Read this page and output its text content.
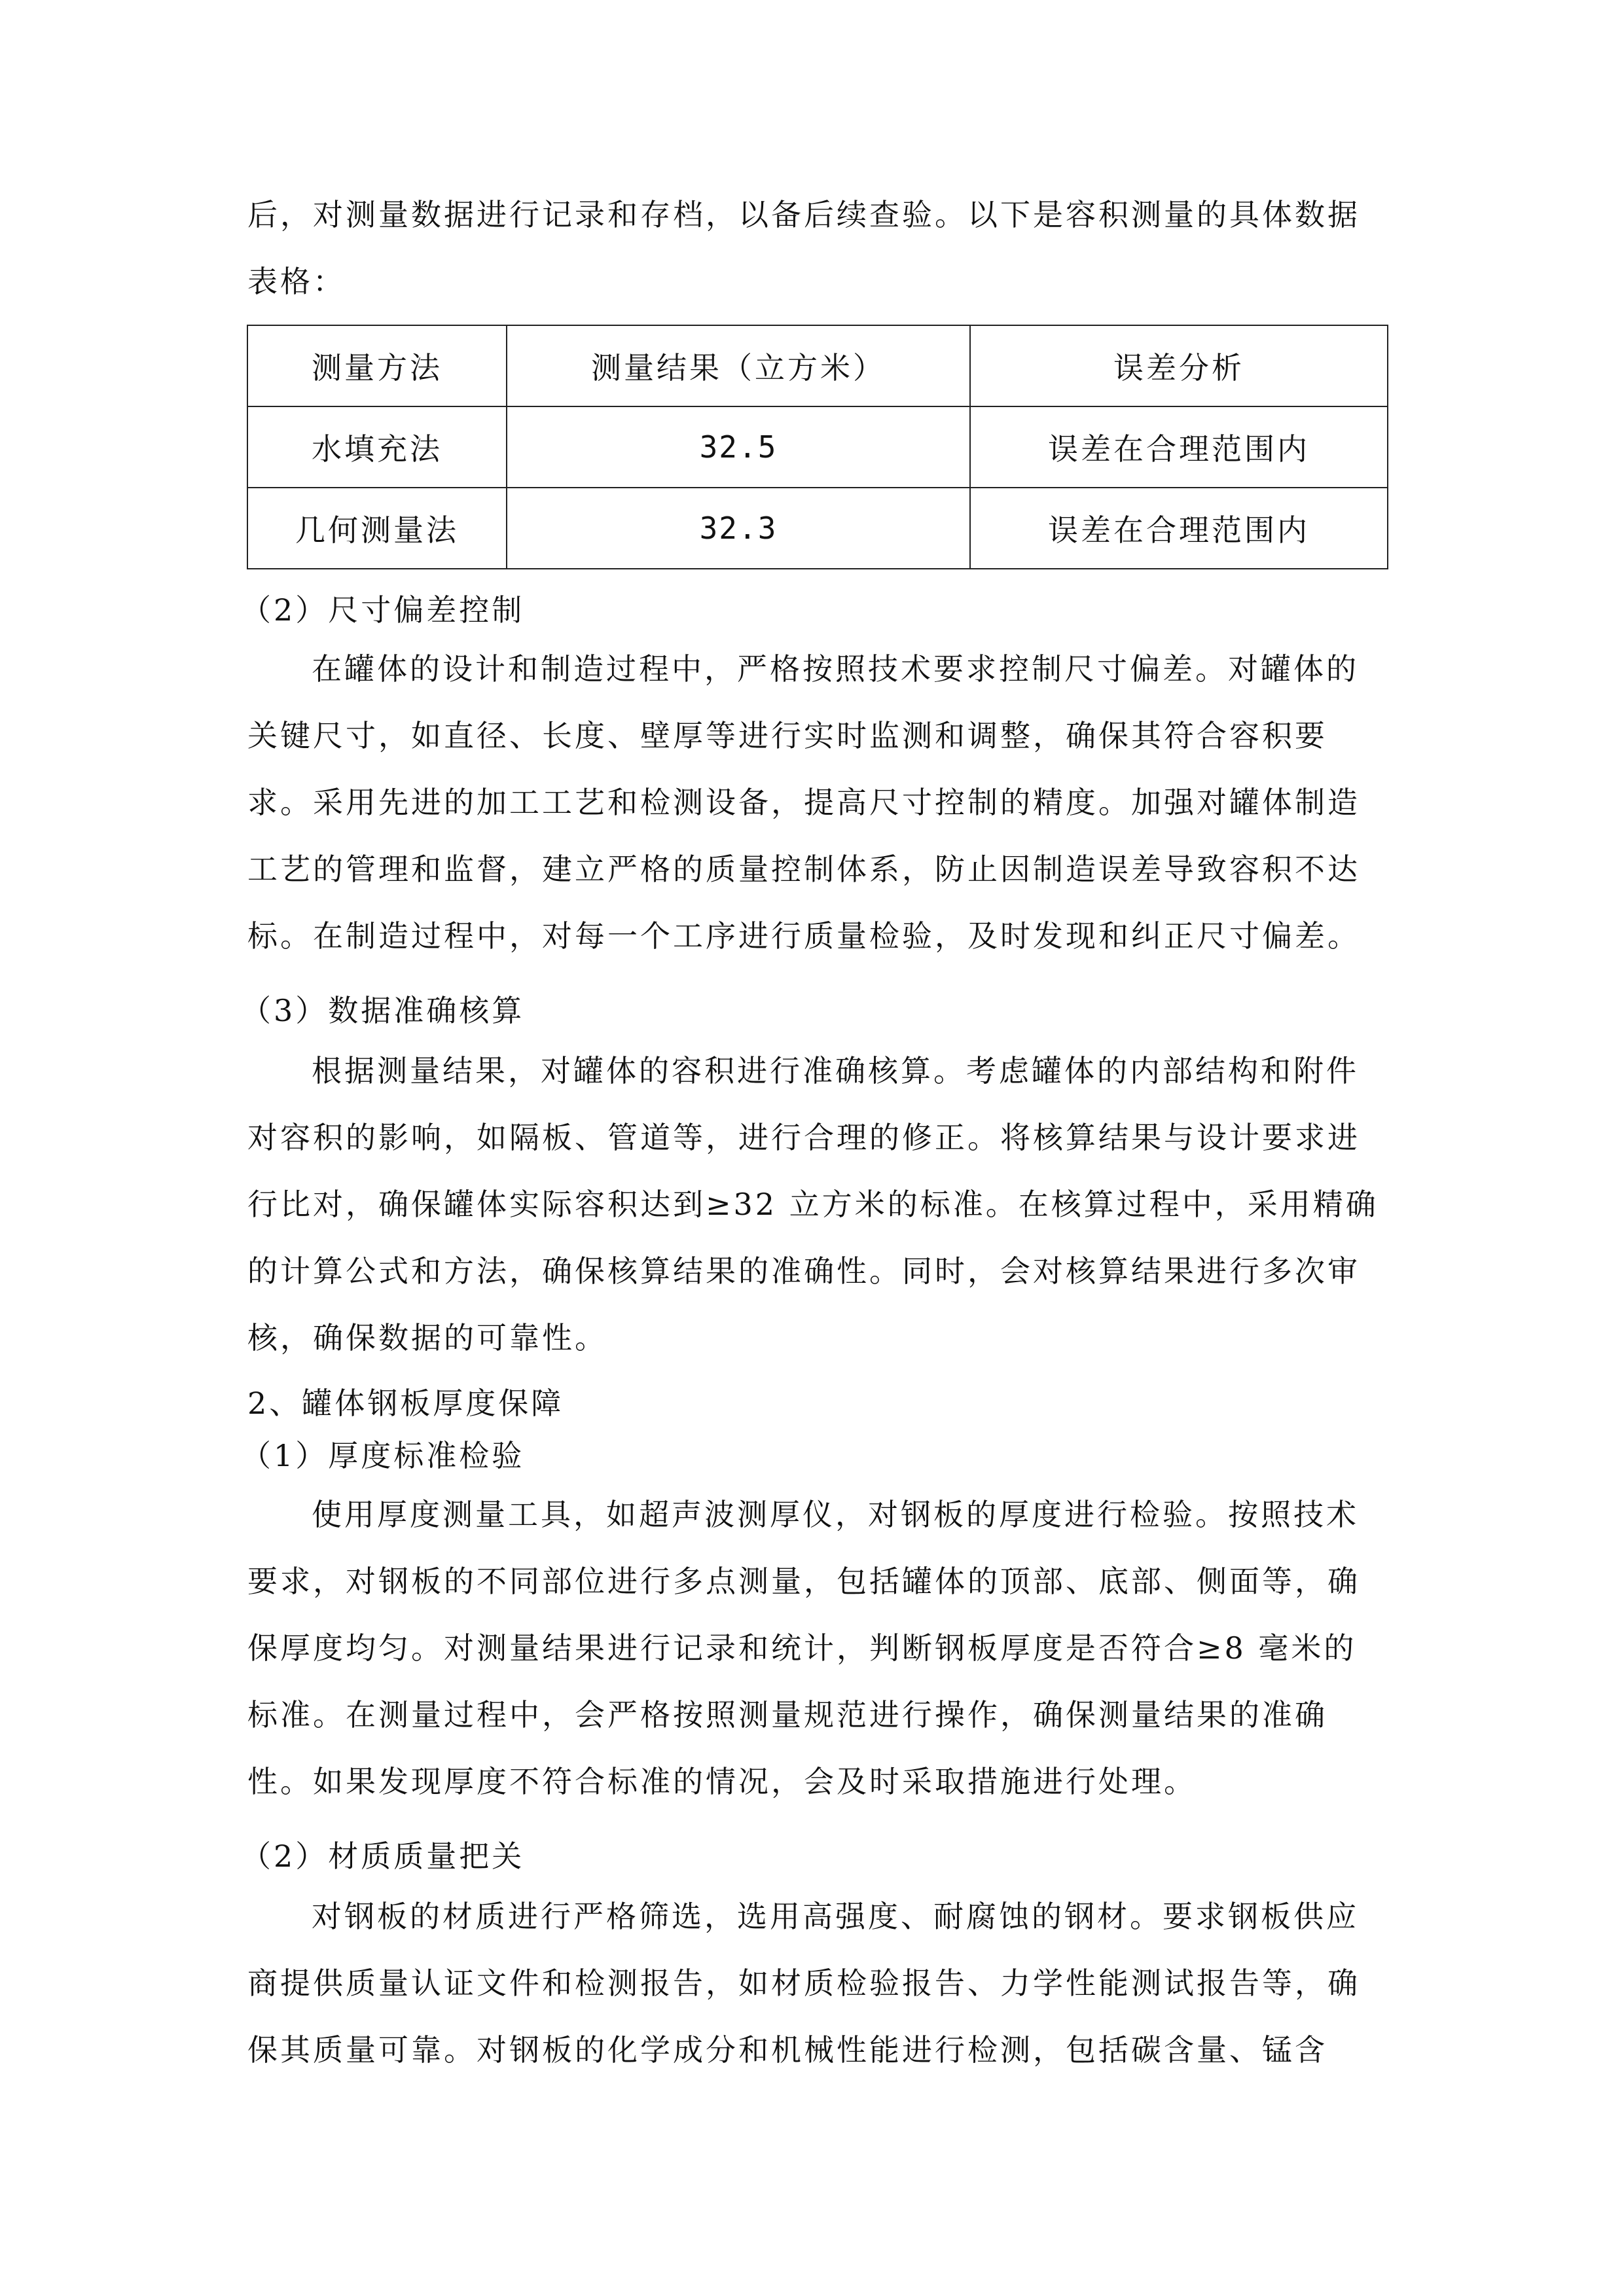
后，对测量数据进行记录和存档，以备后续查验。以下是容积测量的具体数据
表格：
测量方法	测量结果（立方米）	误差分析
水填充法	32.5	误差在合理范围内
几何测量法	32.3	误差在合理范围内
（2）尺寸偏差控制
在罐体的设计和制造过程中，严格按照技术要求控制尺寸偏差。对罐体的
关键尺寸，如直径、长度、壁厚等进行实时监测和调整，确保其符合容积要
求。采用先进的加工工艺和检测设备，提高尺寸控制的精度。加强对罐体制造
工艺的管理和监督，建立严格的质量控制体系，防止因制造误差导致容积不达
标。在制造过程中，对每一个工序进行质量检验，及时发现和纠正尺寸偏差。
（3）数据准确核算
根据测量结果，对罐体的容积进行准确核算。考虑罐体的内部结构和附件
对容积的影响，如隔板、管道等，进行合理的修正。将核算结果与设计要求进
行比对，确保罐体实际容积达到≥32 立方米的标准。在核算过程中，采用精确
的计算公式和方法，确保核算结果的准确性。同时，会对核算结果进行多次审
核，确保数据的可靠性。
2、罐体钢板厚度保障
（1）厚度标准检验
使用厚度测量工具，如超声波测厚仪，对钢板的厚度进行检验。按照技术
要求，对钢板的不同部位进行多点测量，包括罐体的顶部、底部、侧面等，确
保厚度均匀。对测量结果进行记录和统计，判断钢板厚度是否符合≥8 毫米的
标准。在测量过程中，会严格按照测量规范进行操作，确保测量结果的准确
性。如果发现厚度不符合标准的情况，会及时采取措施进行处理。
（2）材质质量把关
对钢板的材质进行严格筛选，选用高强度、耐腐蚀的钢材。要求钢板供应
商提供质量认证文件和检测报告，如材质检验报告、力学性能测试报告等，确
保其质量可靠。对钢板的化学成分和机械性能进行检测，包括碳含量、锰含
